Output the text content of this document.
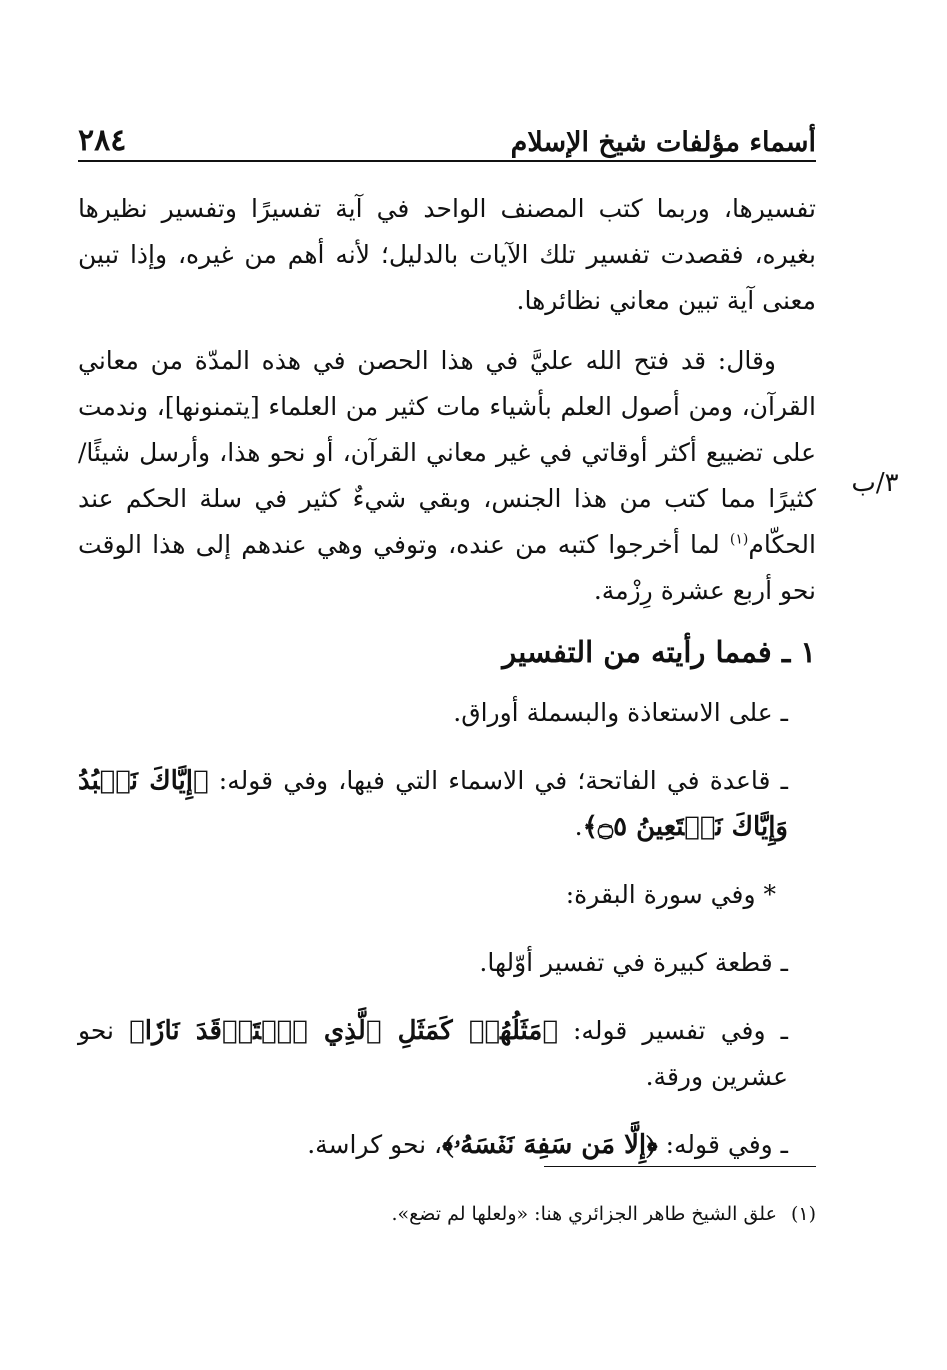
أسماء مؤلفات شيخ الإسلام
٢٨٤
٣/ب

تفسيرها، وربما كتب المصنف الواحد في آية تفسيرًا وتفسير نظيرها بغيره، فقصدت تفسير تلك الآيات بالدليل؛ لأنه أهم من غيره، وإذا تبين معنى آية تبين معاني نظائرها.

وقال: قد فتح الله عليَّ في هذا الحصن في هذه المدّة من معاني القرآن، ومن أصول العلم بأشياء مات كثير من العلماء [يتمنونها]، وندمت على تضييع أكثر أوقاتي في غير معاني القرآن، أو نحو هذا، وأرسل شيئًا/ كثيرًا مما كتب من هذا الجنس، وبقي شيءٌ كثير في سلة الحكم عند الحكّام$^{(١)}$ لما أخرجوا كتبه من عنده، وتوفي وهي عندهم إلى هذا الوقت نحو أربع عشرة رِزْمة.

١ ـ فمما رأيته من التفسير

ـ على الاستعاذة والبسملة أوراق.

ـ قاعدة في الفاتحة؛ في الاسماء التي فيها، وفي قوله: ﴿إِيَّاكَ نَعۡبُدُ وَإِيَّاكَ نَسۡتَعِينُ ۝٥﴾.

* وفي سورة البقرة:

ـ قطعة كبيرة في تفسير أوّلها.

ـ وفي تفسير قوله: ﴿مَثَلُهُمۡ كَمَثَلِ ٱلَّذِي ٱسۡتَوۡقَدَ نَارٗا﴾ نحو عشرين ورقة.

ـ وفي قوله: ﴿إِلَّا مَن سَفِهَ نَفۡسَهُۥ﴾، نحو كراسة.

(١)علق الشيخ طاهر الجزائري هنا: «ولعلها لم تضع».
